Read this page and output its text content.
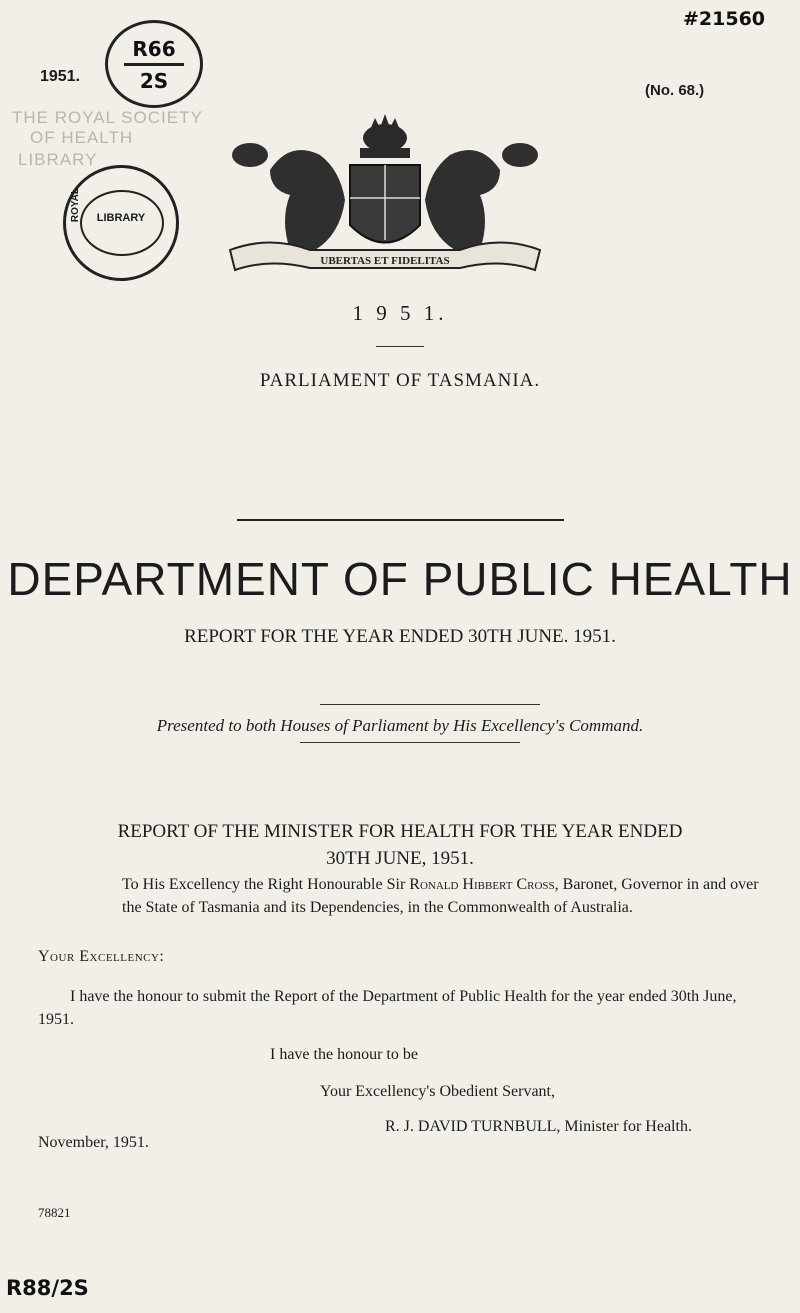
#21560
R66
2S
1951.
THE ROYAL SOCIETY
OF HEALTH
LIBRARY
ROYAL	LIBRARY
(No. 68.)
UBERTAS ET FIDELITAS
1 9 5 1.
PARLIAMENT OF TASMANIA.
DEPARTMENT OF PUBLIC HEALTH
REPORT FOR THE YEAR ENDED 30TH JUNE. 1951.
Presented to both Houses of Parliament by His Excellency's Command.
REPORT OF THE MINISTER FOR HEALTH FOR THE YEAR ENDED
30TH JUNE, 1951.
To His Excellency the Right Honourable Sir Ronald Hibbert Cross, Baronet, Governor in and over the State of Tasmania and its Dependencies, in the Commonwealth of Australia.
Your Excellency:
I have the honour to submit the Report of the Department of Public Health for the year ended 30th June, 1951.
I have the honour to be
Your Excellency's Obedient Servant,
R. J. DAVID TURNBULL, Minister for Health.
November, 1951.
78821
R88/2S
